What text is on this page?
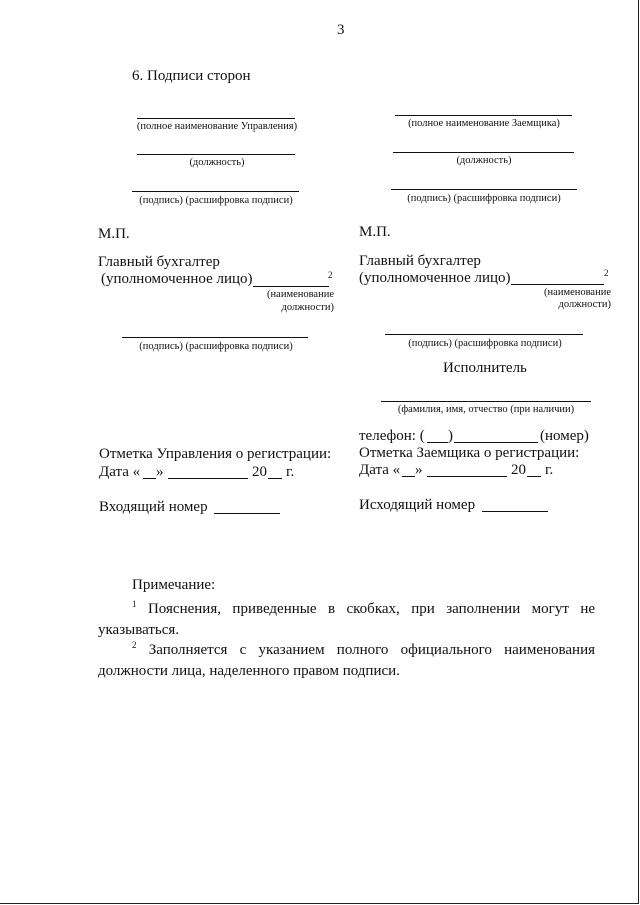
3
6. Подписи сторон
(полное наименование Управления)
(должность)
(подпись) (расшифровка подписи)
(полное наименование Заемщика)
(должность)
(подпись) (расшифровка подписи)
М.П.	М.П.
Главный бухгалтер
(уполномоченное лицо)	2
(наименование
должности)
(подпись) (расшифровка подписи)
Главный бухгалтер
(уполномоченное лицо)	2
(наименование
должности)
(подпись) (расшифровка подписи)
Исполнитель
(фамилия, имя, отчество (при наличии)
телефон: ( )	(номер)
Отметка Управления о регистрации:
Дата « »	20 г.
Отметка Заемщика о регистрации:
Дата « »	20 г.
Входящий номер	Исходящий номер
Примечание:
$^1$ Пояснения, приведенные в скобках, при заполнении могут не
указываться.
$^2$ Заполняется с указанием полного официального наименования
должности лица, наделенного правом подписи.
